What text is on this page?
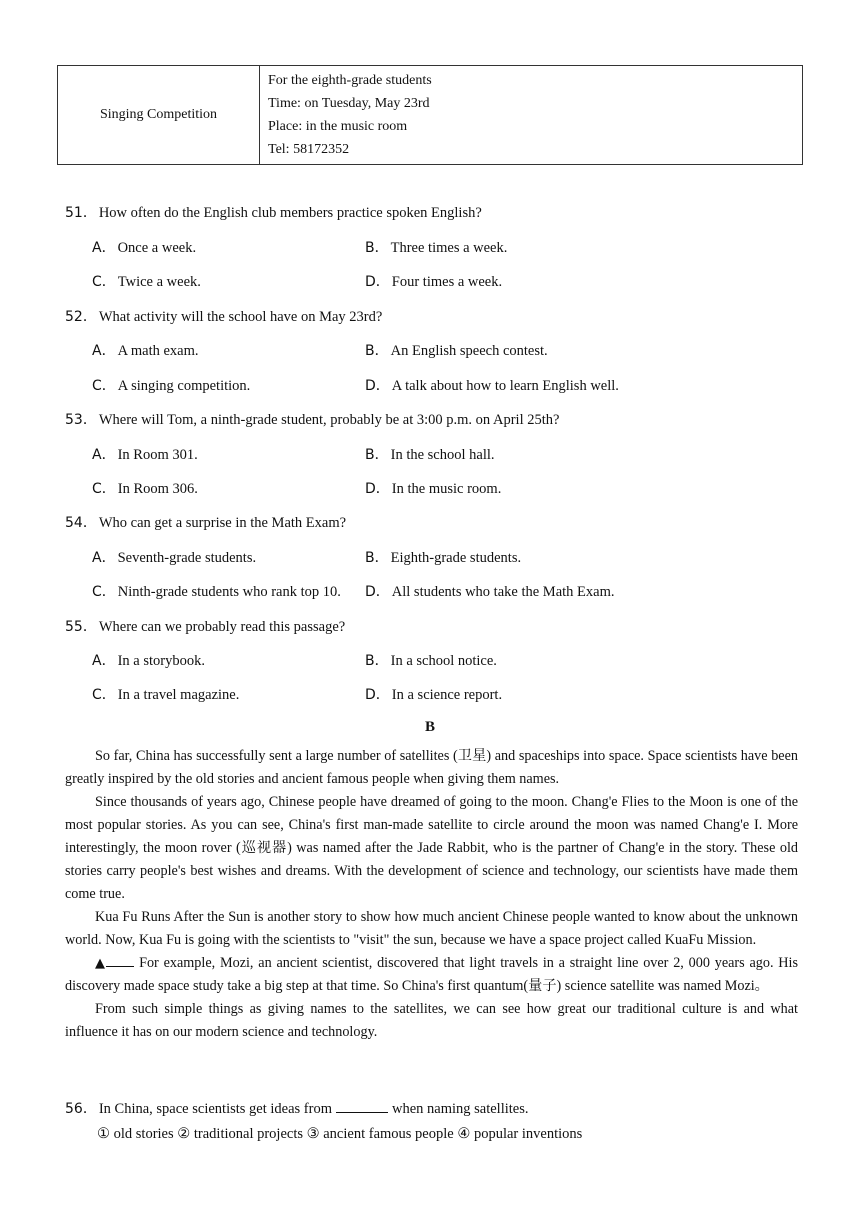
Singing Competition	
For the eighth-grade students
Time: on Tuesday, May 23rd
Place: in the music room
Tel: 58172352
51． How often do the English club members practice spoken English?
A． Once a week.	B． Three times a week.
C． Twice a week.	D． Four times a week.
52． What activity will the school have on May 23rd?
A． A math exam.	B． An English speech contest.
C． A singing competition.	D． A talk about how to learn English well.
53． Where will Tom, a ninth-grade student, probably be at 3:00 p.m. on April 25th?
A． In Room 301.	B． In the school hall.
C． In Room 306.	D． In the music room.
54． Who can get a surprise in the Math Exam?
A． Seventh-grade students.	B． Eighth-grade students.
C． Ninth-grade students who rank top 10. D． All students who take the Math Exam.
55． Where can we probably read this passage?
A． In a storybook.	B． In a school notice.
C． In a travel magazine.	D． In a science report.
B

So far, China has successfully sent a large number of satellites (卫星) and spaceships into space. Space scientists have been greatly inspired by the old stories and ancient famous people when giving them names.

Since thousands of years ago, Chinese people have dreamed of going to the moon. Chang'e Flies to the Moon is one of the most popular stories. As you can see, China's first man-made satellite to circle around the moon was named Chang'e I. More interestingly, the moon rover (巡视器) was named after the Jade Rabbit, who is the partner of Chang'e in the story. These old stories carry people's best wishes and dreams. With the development of science and technology, our scientists have made them come true.

Kua Fu Runs After the Sun is another story to show how much ancient Chinese people wanted to know about the unknown world. Now, Kua Fu is going with the scientists to "visit" the sun, because we have a space project called KuaFu Mission.

▲ For example, Mozi, an ancient scientist, discovered that light travels in a straight line over 2, 000 years ago. His discovery made space study take a big step at that time. So China's first quantum(量子) science satellite was named Mozi。

From such simple things as giving names to the satellites, we can see how great our traditional culture is and what influence it has on our modern science and technology.

56． In China, space scientists get ideas from	when naming satellites.
① old stories ② traditional projects ③ ancient famous people ④ popular inventions
